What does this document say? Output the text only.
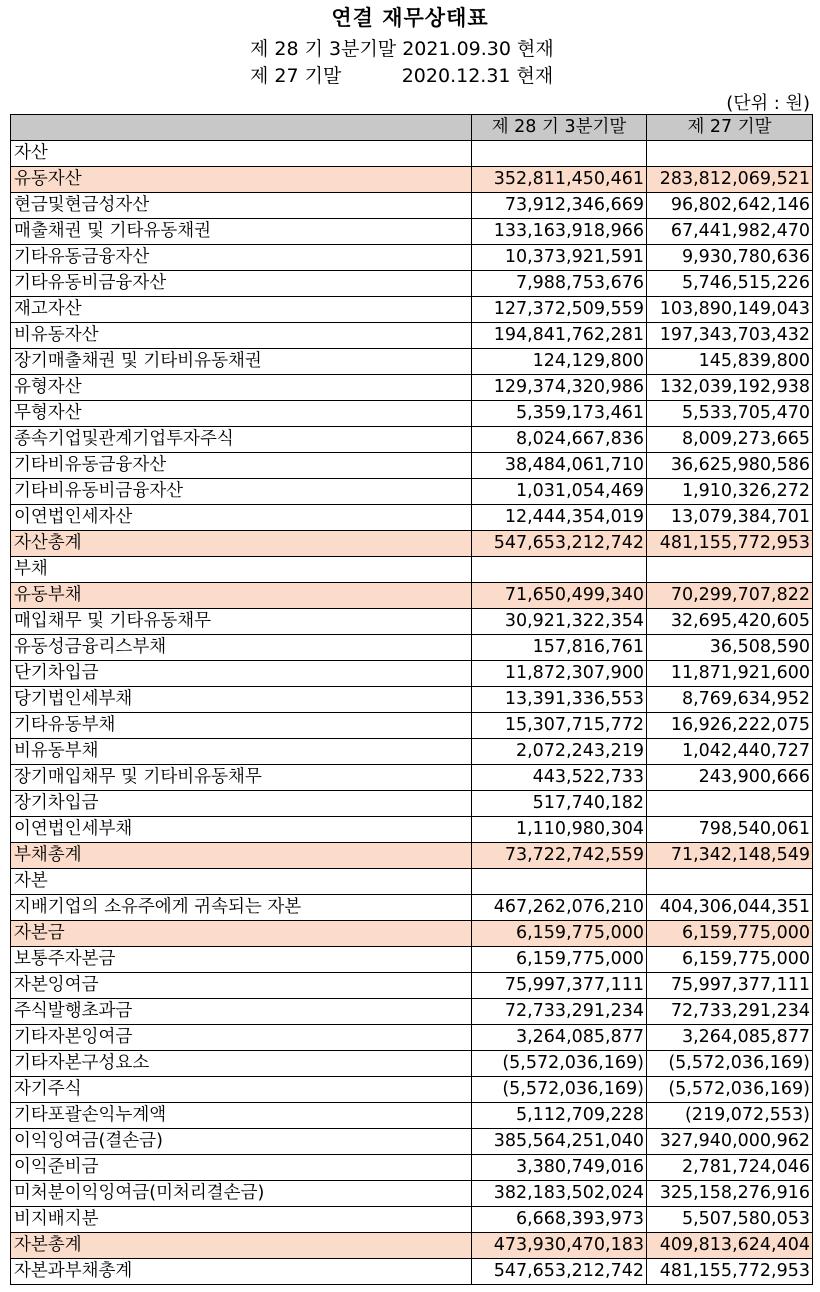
연결 재무상태표
제 28 기 3분기말 2021.09.30 현재
제 27 기말          2020.12.31 현재
(단위 : 원)
	제 28 기 3분기말	제 27 기말
자산		
유동자산	352,811,450,461	283,812,069,521
현금및현금성자산	73,912,346,669	96,802,642,146
매출채권 및 기타유동채권	133,163,918,966	67,441,982,470
기타유동금융자산	10,373,921,591	9,930,780,636
기타유동비금융자산	7,988,753,676	5,746,515,226
재고자산	127,372,509,559	103,890,149,043
비유동자산	194,841,762,281	197,343,703,432
장기매출채권 및 기타비유동채권	124,129,800	145,839,800
유형자산	129,374,320,986	132,039,192,938
무형자산	5,359,173,461	5,533,705,470
종속기업및관계기업투자주식	8,024,667,836	8,009,273,665
기타비유동금융자산	38,484,061,710	36,625,980,586
기타비유동비금융자산	1,031,054,469	1,910,326,272
이연법인세자산	12,444,354,019	13,079,384,701
자산총계	547,653,212,742	481,155,772,953
부채		
유동부채	71,650,499,340	70,299,707,822
매입채무 및 기타유동채무	30,921,322,354	32,695,420,605
유동성금융리스부채	157,816,761	36,508,590
단기차입금	11,872,307,900	11,871,921,600
당기법인세부채	13,391,336,553	8,769,634,952
기타유동부채	15,307,715,772	16,926,222,075
비유동부채	2,072,243,219	1,042,440,727
장기매입채무 및 기타비유동채무	443,522,733	243,900,666
장기차입금	517,740,182	
이연법인세부채	1,110,980,304	798,540,061
부채총계	73,722,742,559	71,342,148,549
자본		
지배기업의 소유주에게 귀속되는 자본	467,262,076,210	404,306,044,351
자본금	6,159,775,000	6,159,775,000
보통주자본금	6,159,775,000	6,159,775,000
자본잉여금	75,997,377,111	75,997,377,111
주식발행초과금	72,733,291,234	72,733,291,234
기타자본잉여금	3,264,085,877	3,264,085,877
기타자본구성요소	(5,572,036,169)	(5,572,036,169)
자기주식	(5,572,036,169)	(5,572,036,169)
기타포괄손익누계액	5,112,709,228	(219,072,553)
이익잉여금(결손금)	385,564,251,040	327,940,000,962
이익준비금	3,380,749,016	2,781,724,046
미처분이익잉여금(미처리결손금)	382,183,502,024	325,158,276,916
비지배지분	6,668,393,973	5,507,580,053
자본총계	473,930,470,183	409,813,624,404
자본과부채총계	547,653,212,742	481,155,772,953
